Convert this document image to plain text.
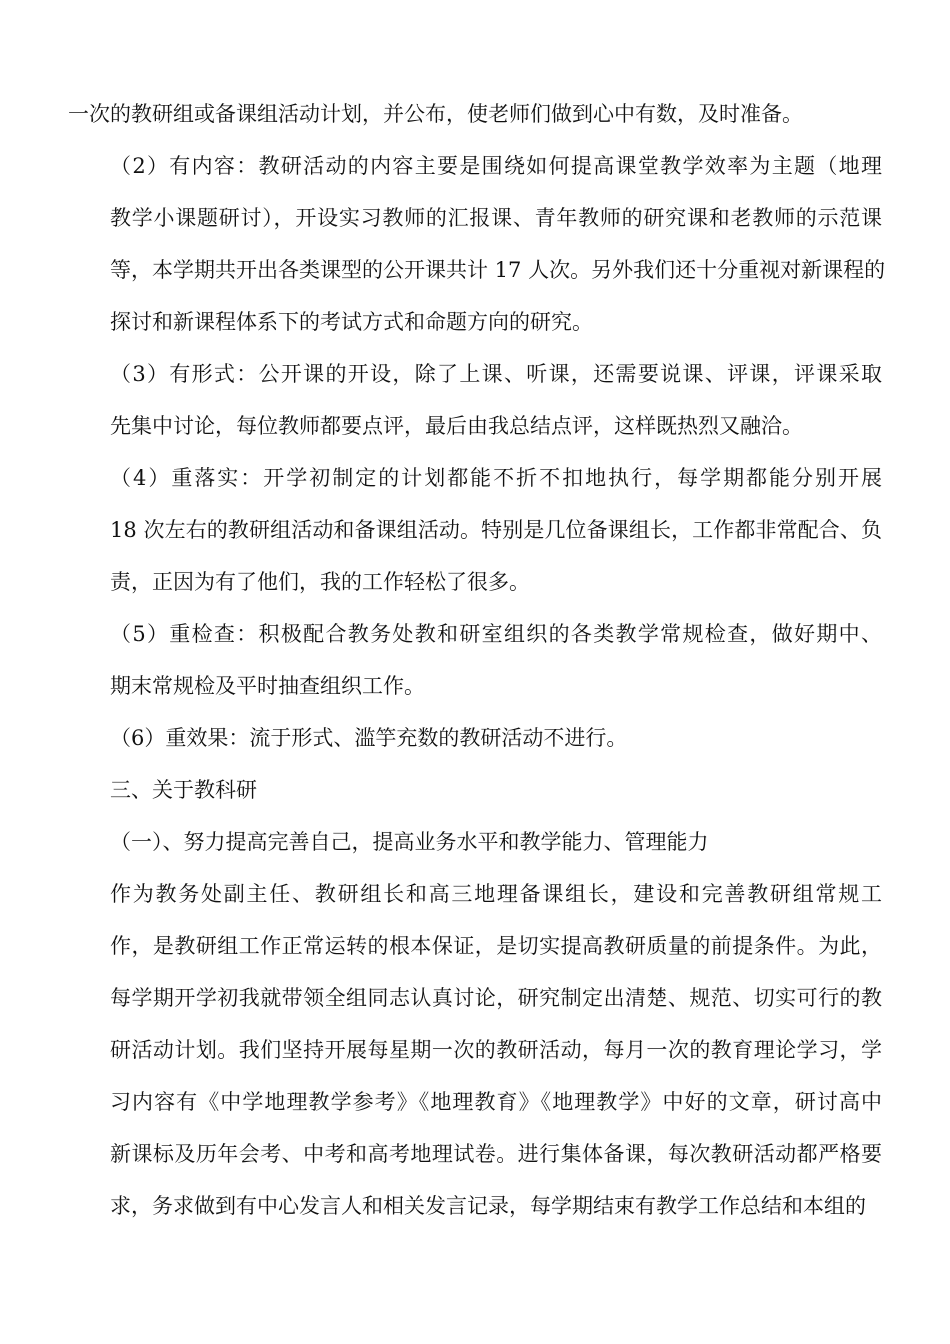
一次的教研组或备课组活动计划，并公布，使老师们做到心中有数，及时准备。
（2）有内容：教研活动的内容主要是围绕如何提高课堂教学效率为主题（地理
教学小课题研讨），开设实习教师的汇报课、青年教师的研究课和老教师的示范课
等，本学期共开出各类课型的公开课共计 17 人次。另外我们还十分重视对新课程的
探讨和新课程体系下的考试方式和命题方向的研究。
（3）有形式：公开课的开设，除了上课、听课，还需要说课、评课，评课采取
先集中讨论，每位教师都要点评，最后由我总结点评，这样既热烈又融洽。
（4）重落实：开学初制定的计划都能不折不扣地执行，每学期都能分别开展
18 次左右的教研组活动和备课组活动。特别是几位备课组长，工作都非常配合、负
责，正因为有了他们，我的工作轻松了很多。
（5）重检查：积极配合教务处教和研室组织的各类教学常规检查，做好期中、
期末常规检及平时抽查组织工作。
（6）重效果：流于形式、滥竽充数的教研活动不进行。
三、关于教科研
（一）、努力提高完善自己，提高业务水平和教学能力、管理能力
作为教务处副主任、教研组长和高三地理备课组长，建设和完善教研组常规工
作，是教研组工作正常运转的根本保证，是切实提高教研质量的前提条件。为此，
每学期开学初我就带领全组同志认真讨论，研究制定出清楚、规范、切实可行的教
研活动计划。我们坚持开展每星期一次的教研活动，每月一次的教育理论学习，学
习内容有《中学地理教学参考》《地理教育》《地理教学》中好的文章，研讨高中
新课标及历年会考、中考和高考地理试卷。进行集体备课，每次教研活动都严格要
求，务求做到有中心发言人和相关发言记录，每学期结束有教学工作总结和本组的
